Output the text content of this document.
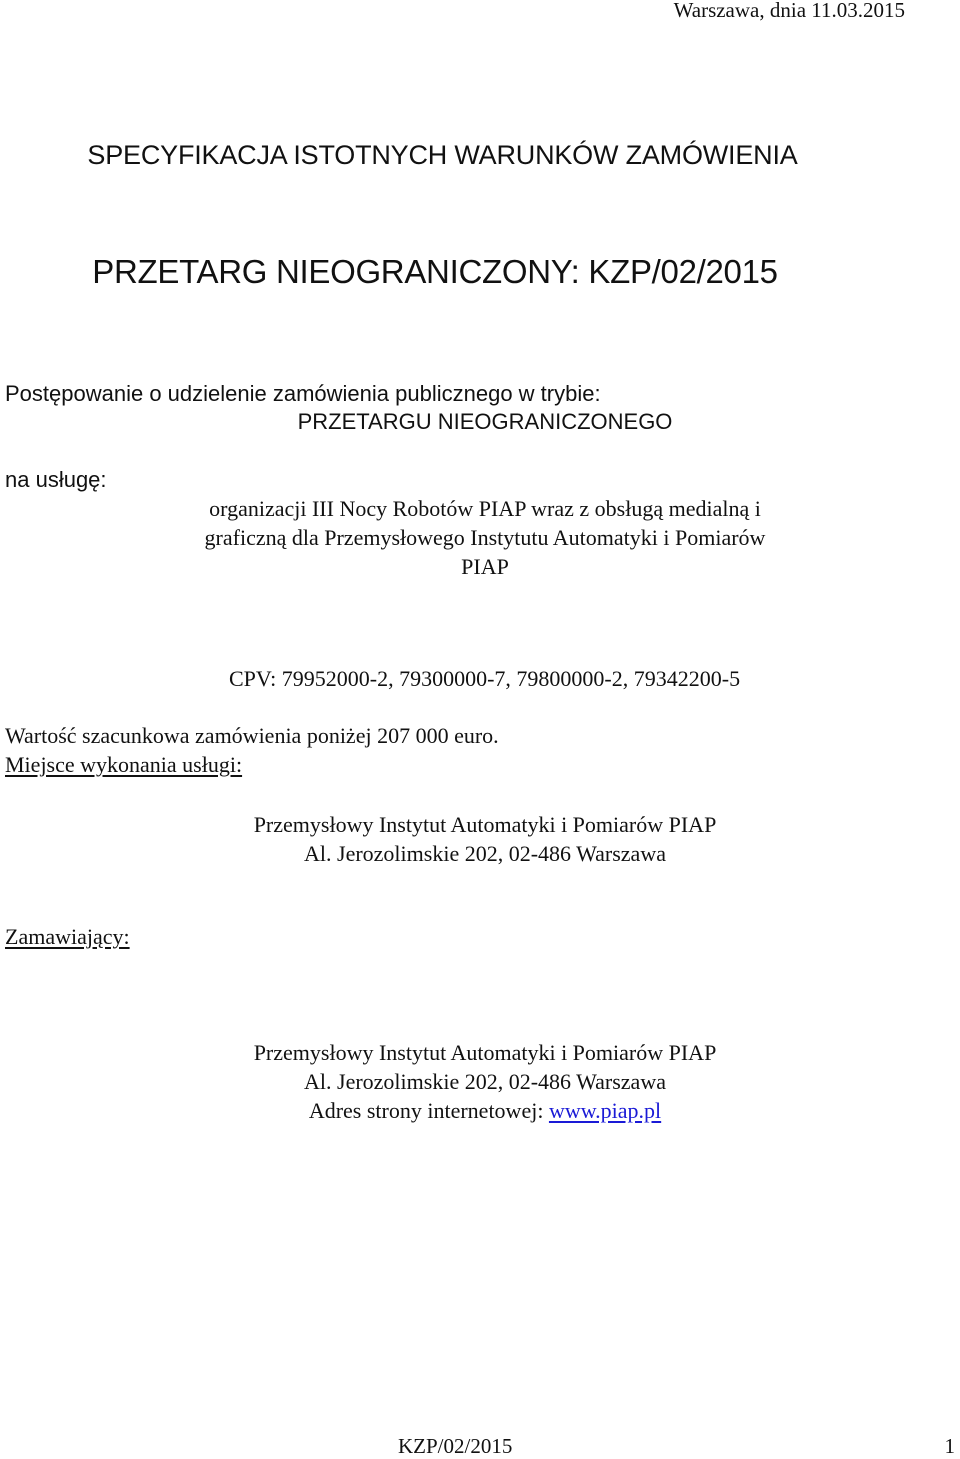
Warszawa, dnia 11.03.2015
SPECYFIKACJA ISTOTNYCH WARUNKÓW ZAMÓWIENIA
PRZETARG NIEOGRANICZONY: KZP/02/2015
Postępowanie o udzielenie zamówienia publicznego w trybie:
PRZETARGU NIEOGRANICZONEGO
na usługę:
organizacji III Nocy Robotów PIAP wraz z obsługą medialną i graficzną dla Przemysłowego Instytutu Automatyki i Pomiarów PIAP
CPV: 79952000-2, 79300000-7, 79800000-2, 79342200-5
Wartość szacunkowa zamówienia poniżej 207 000 euro.
Miejsce wykonania usługi:
Przemysłowy Instytut Automatyki i Pomiarów PIAP
Al. Jerozolimskie 202, 02-486 Warszawa
Zamawiający:
Przemysłowy Instytut Automatyki i Pomiarów PIAP
Al. Jerozolimskie 202, 02-486 Warszawa
Adres strony internetowej: www.piap.pl
KZP/02/2015	1
